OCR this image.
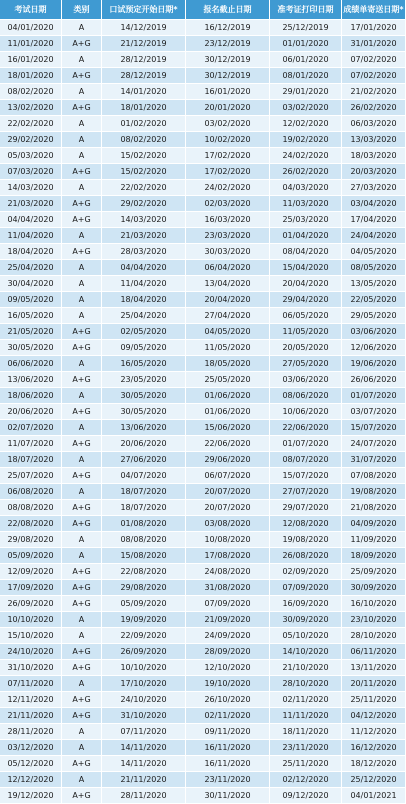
考试日期	类别	口试预定开始日期*	报名截止日期	准考证打印日期	成绩单寄送日期*
04/01/2020	A	14/12/2019	16/12/2019	25/12/2019	17/01/2020
11/01/2020	A+G	21/12/2019	23/12/2019	01/01/2020	31/01/2020
16/01/2020	A	28/12/2019	30/12/2019	06/01/2020	07/02/2020
18/01/2020	A+G	28/12/2019	30/12/2019	08/01/2020	07/02/2020
08/02/2020	A	14/01/2020	16/01/2020	29/01/2020	21/02/2020
13/02/2020	A+G	18/01/2020	20/01/2020	03/02/2020	26/02/2020
22/02/2020	A	01/02/2020	03/02/2020	12/02/2020	06/03/2020
29/02/2020	A	08/02/2020	10/02/2020	19/02/2020	13/03/2020
05/03/2020	A	15/02/2020	17/02/2020	24/02/2020	18/03/2020
07/03/2020	A+G	15/02/2020	17/02/2020	26/02/2020	20/03/2020
14/03/2020	A	22/02/2020	24/02/2020	04/03/2020	27/03/2020
21/03/2020	A+G	29/02/2020	02/03/2020	11/03/2020	03/04/2020
04/04/2020	A+G	14/03/2020	16/03/2020	25/03/2020	17/04/2020
11/04/2020	A	21/03/2020	23/03/2020	01/04/2020	24/04/2020
18/04/2020	A+G	28/03/2020	30/03/2020	08/04/2020	04/05/2020
25/04/2020	A	04/04/2020	06/04/2020	15/04/2020	08/05/2020
30/04/2020	A	11/04/2020	13/04/2020	20/04/2020	13/05/2020
09/05/2020	A	18/04/2020	20/04/2020	29/04/2020	22/05/2020
16/05/2020	A	25/04/2020	27/04/2020	06/05/2020	29/05/2020
21/05/2020	A+G	02/05/2020	04/05/2020	11/05/2020	03/06/2020
30/05/2020	A+G	09/05/2020	11/05/2020	20/05/2020	12/06/2020
06/06/2020	A	16/05/2020	18/05/2020	27/05/2020	19/06/2020
13/06/2020	A+G	23/05/2020	25/05/2020	03/06/2020	26/06/2020
18/06/2020	A	30/05/2020	01/06/2020	08/06/2020	01/07/2020
20/06/2020	A+G	30/05/2020	01/06/2020	10/06/2020	03/07/2020
02/07/2020	A	13/06/2020	15/06/2020	22/06/2020	15/07/2020
11/07/2020	A+G	20/06/2020	22/06/2020	01/07/2020	24/07/2020
18/07/2020	A	27/06/2020	29/06/2020	08/07/2020	31/07/2020
25/07/2020	A+G	04/07/2020	06/07/2020	15/07/2020	07/08/2020
06/08/2020	A	18/07/2020	20/07/2020	27/07/2020	19/08/2020
08/08/2020	A+G	18/07/2020	20/07/2020	29/07/2020	21/08/2020
22/08/2020	A+G	01/08/2020	03/08/2020	12/08/2020	04/09/2020
29/08/2020	A	08/08/2020	10/08/2020	19/08/2020	11/09/2020
05/09/2020	A	15/08/2020	17/08/2020	26/08/2020	18/09/2020
12/09/2020	A+G	22/08/2020	24/08/2020	02/09/2020	25/09/2020
17/09/2020	A+G	29/08/2020	31/08/2020	07/09/2020	30/09/2020
26/09/2020	A+G	05/09/2020	07/09/2020	16/09/2020	16/10/2020
10/10/2020	A	19/09/2020	21/09/2020	30/09/2020	23/10/2020
15/10/2020	A	22/09/2020	24/09/2020	05/10/2020	28/10/2020
24/10/2020	A+G	26/09/2020	28/09/2020	14/10/2020	06/11/2020
31/10/2020	A+G	10/10/2020	12/10/2020	21/10/2020	13/11/2020
07/11/2020	A	17/10/2020	19/10/2020	28/10/2020	20/11/2020
12/11/2020	A+G	24/10/2020	26/10/2020	02/11/2020	25/11/2020
21/11/2020	A+G	31/10/2020	02/11/2020	11/11/2020	04/12/2020
28/11/2020	A	07/11/2020	09/11/2020	18/11/2020	11/12/2020
03/12/2020	A	14/11/2020	16/11/2020	23/11/2020	16/12/2020
05/12/2020	A+G	14/11/2020	16/11/2020	25/11/2020	18/12/2020
12/12/2020	A	21/11/2020	23/11/2020	02/12/2020	25/12/2020
19/12/2020	A+G	28/11/2020	30/11/2020	09/12/2020	04/01/2021
